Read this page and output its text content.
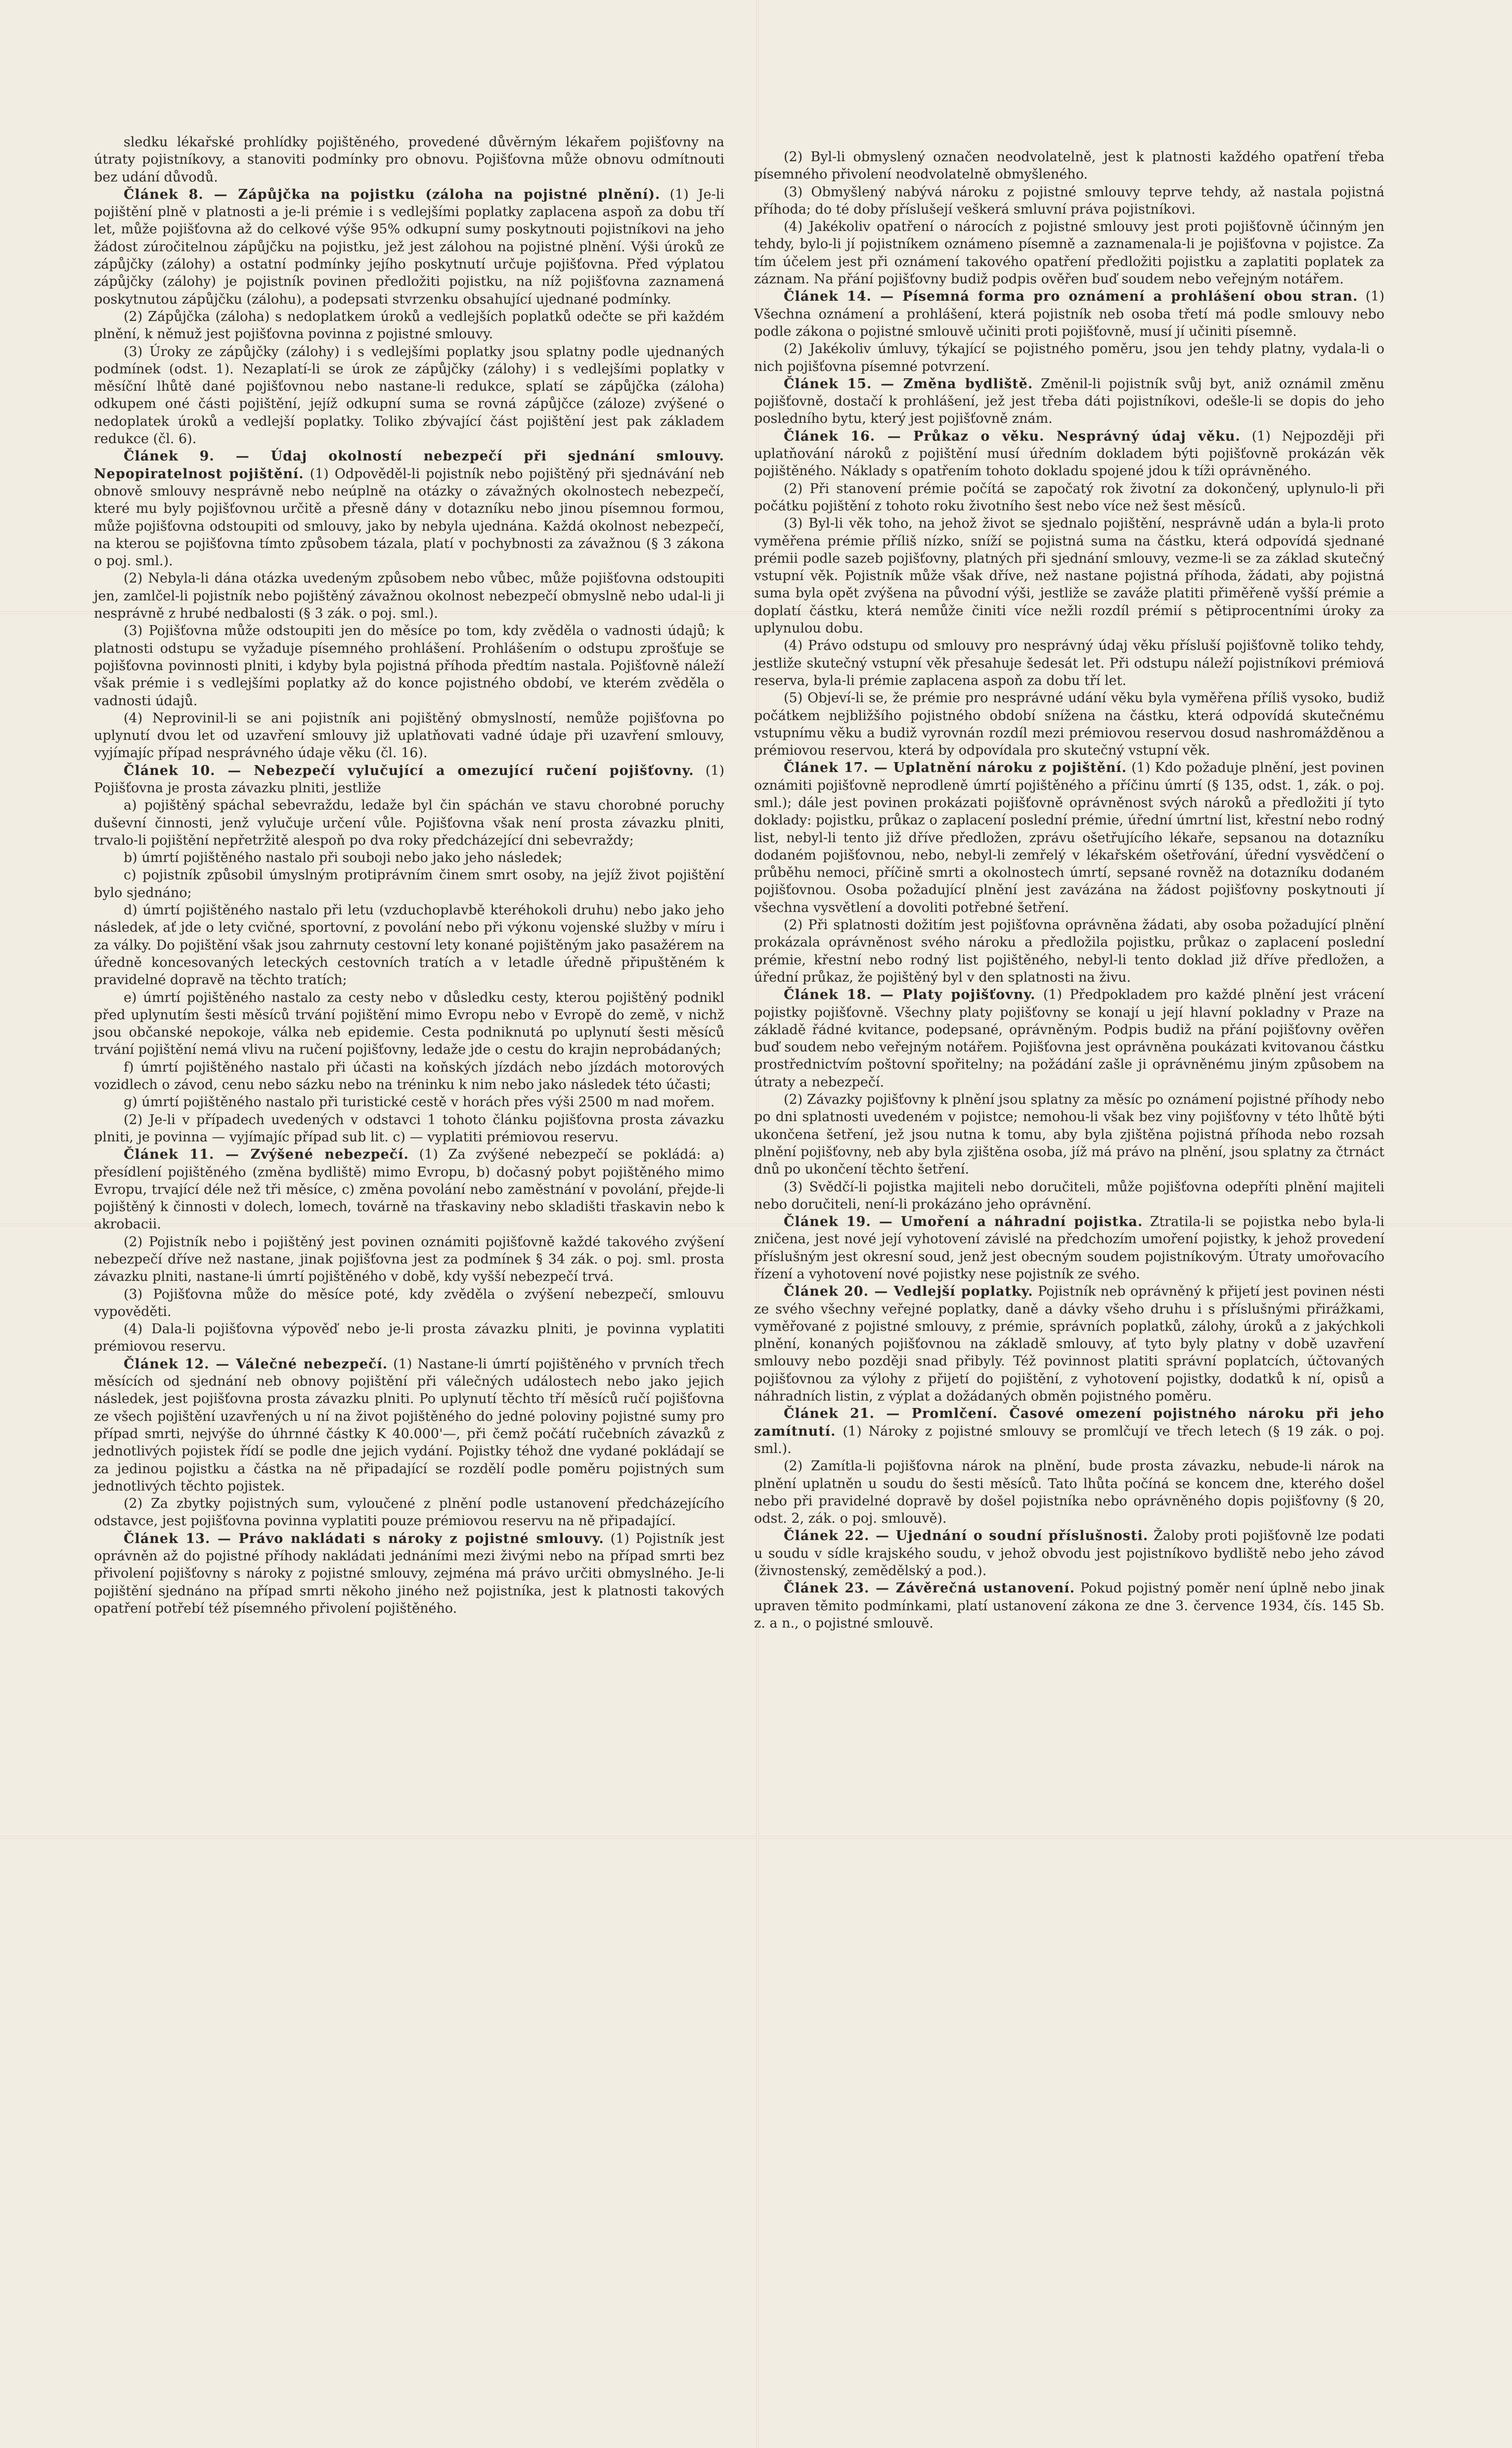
sledku lékařské prohlídky pojištěného, provedené důvěrným lékařem pojišťovny na útraty pojistníkovy, a stanoviti podmínky pro obnovu. Pojišťovna může obnovu odmítnouti bez udání důvodů.

Článek 8. — Zápůjčka na pojistku (záloha na pojistné plnění). (1) Je-li pojištění plně v platnosti a je-li prémie i s vedlejšími poplatky zaplacena aspoň za dobu tří let, může pojišťovna až do celkové výše 95% odkupní sumy poskytnouti pojistníkovi na jeho žádost zúročitelnou zápůjčku na pojistku, jež jest zálohou na pojistné plnění. Výši úroků ze zápůjčky (zálohy) a ostatní podmínky jejího poskytnutí určuje pojišťovna. Před výplatou zápůjčky (zálohy) je pojistník povinen předložiti pojistku, na níž pojišťovna zaznamená poskytnutou zápůjčku (zálohu), a podepsati stvrzenku obsahující ujednané podmínky.

(2) Zápůjčka (záloha) s nedoplatkem úroků a vedlejších poplatků odečte se při každém plnění, k němuž jest pojišťovna povinna z pojistné smlouvy.

(3) Úroky ze zápůjčky (zálohy) i s vedlejšími poplatky jsou splatny podle ujednaných podmínek (odst. 1). Nezaplatí-li se úrok ze zápůjčky (zálohy) i s vedlejšími poplatky v měsíční lhůtě dané pojišťovnou nebo nastane-li redukce, splatí se zápůjčka (záloha) odkupem oné části pojištění, jejíž odkupní suma se rovná zápůjčce (záloze) zvýšené o nedoplatek úroků a vedlejší poplatky. Toliko zbývající část pojištění jest pak základem redukce (čl. 6).

Článek 9. — Údaj okolností nebezpečí při sjednání smlouvy. Nepopiratelnost pojištění. (1) Odpověděl-li pojistník nebo pojištěný při sjednávání neb obnově smlouvy nesprávně nebo neúplně na otázky o závažných okolnostech nebezpečí, které mu byly pojišťovnou určitě a přesně dány v dotazníku nebo jinou písemnou formou, může pojišťovna odstoupiti od smlouvy, jako by nebyla ujednána. Každá okolnost nebezpečí, na kterou se pojišťovna tímto způsobem tázala, platí v pochybnosti za závažnou (§ 3 zákona o poj. sml.).

(2) Nebyla-li dána otázka uvedeným způsobem nebo vůbec, může pojišťovna odstoupiti jen, zamlčel-li pojistník nebo pojištěný závažnou okolnost nebezpečí obmyslně nebo udal-li ji nesprávně z hrubé nedbalosti (§ 3 zák. o poj. sml.).

(3) Pojišťovna může odstoupiti jen do měsíce po tom, kdy zvěděla o vadnosti údajů; k platnosti odstupu se vyžaduje písemného prohlášení. Prohlášením o odstupu zprošťuje se pojišťovna povinnosti plniti, i kdyby byla pojistná příhoda předtím nastala. Pojišťovně náleží však prémie i s vedlejšími poplatky až do konce pojistného období, ve kterém zvěděla o vadnosti údajů.

(4) Neprovinil-li se ani pojistník ani pojištěný obmyslností, nemůže pojišťovna po uplynutí dvou let od uzavření smlouvy již uplatňovati vadné údaje při uzavření smlouvy, vyjímajíc případ nesprávného údaje věku (čl. 16).

Článek 10. — Nebezpečí vylučující a omezující ručení pojišťovny. (1) Pojišťovna je prosta závazku plniti, jestliže

a) pojištěný spáchal sebevraždu, ledaže byl čin spáchán ve stavu chorobné poruchy duševní činnosti, jenž vylučuje určení vůle. Pojišťovna však není prosta závazku plniti, trvalo-li pojištění nepřetržitě alespoň po dva roky předcházející dni sebevraždy;

b) úmrtí pojištěného nastalo při souboji nebo jako jeho následek;

c) pojistník způsobil úmyslným protiprávním činem smrt osoby, na jejíž život pojištění bylo sjednáno;

d) úmrtí pojištěného nastalo při letu (vzduchoplavbě kteréhokoli druhu) nebo jako jeho následek, ať jde o lety cvičné, sportovní, z povolání nebo při výkonu vojenské služby v míru i za války. Do pojištění však jsou zahrnuty cestovní lety konané pojištěným jako pasažérem na úředně koncesovaných leteckých cestovních tratích a v letadle úředně připuštěném k pravidelné dopravě na těchto tratích;

e) úmrtí pojištěného nastalo za cesty nebo v důsledku cesty, kterou pojištěný podnikl před uplynutím šesti měsíců trvání pojištění mimo Evropu nebo v Evropě do země, v nichž jsou občanské nepokoje, válka neb epidemie. Cesta podniknutá po uplynutí šesti měsíců trvání pojištění nemá vlivu na ručení pojišťovny, ledaže jde o cestu do krajin neprobádaných;

f) úmrtí pojištěného nastalo při účasti na koňských jízdách nebo jízdách motorových vozidlech o závod, cenu nebo sázku nebo na tréninku k nim nebo jako následek této účasti;

g) úmrtí pojištěného nastalo při turistické cestě v horách přes výši 2500 m nad mořem.

(2) Je-li v případech uvedených v odstavci 1 tohoto článku pojišťovna prosta závazku plniti, je povinna — vyjímajíc případ sub lit. c) — vyplatiti prémiovou reservu.

Článek 11. — Zvýšené nebezpečí. (1) Za zvýšené nebezpečí se pokládá: a) přesídlení pojištěného (změna bydliště) mimo Evropu, b) dočasný pobyt pojištěného mimo Evropu, trvající déle než tři měsíce, c) změna povolání nebo zaměstnání v povolání, přejde-li pojištěný k činnosti v dolech, lomech, továrně na třaskaviny nebo skladišti třaskavin nebo k akrobacii.

(2) Pojistník nebo i pojištěný jest povinen oznámiti pojišťovně každé takového zvýšení nebezpečí dříve než nastane, jinak pojišťovna jest za podmínek § 34 zák. o poj. sml. prosta závazku plniti, nastane-li úmrtí pojištěného v době, kdy vyšší nebezpečí trvá.

(3) Pojišťovna může do měsíce poté, kdy zvěděla o zvýšení nebezpečí, smlouvu vypověděti.

(4) Dala-li pojišťovna výpověď nebo je-li prosta závazku plniti, je povinna vyplatiti prémiovou reservu.

Článek 12. — Válečné nebezpečí. (1) Nastane-li úmrtí pojištěného v prvních třech měsících od sjednání neb obnovy pojištění při válečných událostech nebo jako jejich následek, jest pojišťovna prosta závazku plniti. Po uplynutí těchto tří měsíců ručí pojišťovna ze všech pojištění uzavřených u ní na život pojištěného do jedné poloviny pojistné sumy pro případ smrti, nejvýše do úhrnné částky K 40.000'—, při čemž počátí ručebních závazků z jednotlivých pojistek řídí se podle dne jejich vydání. Pojistky téhož dne vydané pokládají se za jedinou pojistku a částka na ně připadající se rozdělí podle poměru pojistných sum jednotlivých těchto pojistek.

(2) Za zbytky pojistných sum, vyloučené z plnění podle ustanovení předcházejícího odstavce, jest pojišťovna povinna vyplatiti pouze prémiovou reservu na ně připadající.

Článek 13. — Právo nakládati s nároky z pojistné smlouvy. (1) Pojistník jest oprávněn až do pojistné příhody nakládati jednáními mezi živými nebo na případ smrti bez přivolení pojišťovny s nároky z pojistné smlouvy, zejména má právo určiti obmyslného. Je-li pojištění sjednáno na případ smrti někoho jiného než pojistníka, jest k platnosti takových opatření potřebí též písemného přivolení pojištěného.

(2) Byl-li obmyslený označen neodvolatelně, jest k platnosti každého opatření třeba písemného přivolení neodvolatelně obmyšleného.

(3) Obmyšlený nabývá nároku z pojistné smlouvy teprve tehdy, až nastala pojistná příhoda; do té doby příslušejí veškerá smluvní práva pojistníkovi.

(4) Jakékoliv opatření o nárocích z pojistné smlouvy jest proti pojišťovně účinným jen tehdy, bylo-li jí pojistníkem oznámeno písemně a zaznamenala-li je pojišťovna v pojistce. Za tím účelem jest při oznámení takového opatření předložiti pojistku a zaplatiti poplatek za záznam. Na přání pojišťovny budiž podpis ověřen buď soudem nebo veřejným notářem.

Článek 14. — Písemná forma pro oznámení a prohlášení obou stran. (1) Všechna oznámení a prohlášení, která pojistník neb osoba třetí má podle smlouvy nebo podle zákona o pojistné smlouvě učiniti proti pojišťovně, musí jí učiniti písemně.

(2) Jakékoliv úmluvy, týkající se pojistného poměru, jsou jen tehdy platny, vydala-li o nich pojišťovna písemné potvrzení.

Článek 15. — Změna bydliště. Změnil-li pojistník svůj byt, aniž oznámil změnu pojišťovně, dostačí k prohlášení, jež jest třeba dáti pojistníkovi, odešle-li se dopis do jeho posledního bytu, který jest pojišťovně znám.

Článek 16. — Průkaz o věku. Nesprávný údaj věku. (1) Nejpozději při uplatňování nároků z pojištění musí úředním dokladem býti pojišťovně prokázán věk pojištěného. Náklady s opatřením tohoto dokladu spojené jdou k tíži oprávněného.

(2) Při stanovení prémie počítá se započatý rok životní za dokončený, uplynulo-li při počátku pojištění z tohoto roku životního šest nebo více než šest měsíců.

(3) Byl-li věk toho, na jehož život se sjednalo pojištění, nesprávně udán a byla-li proto vyměřena prémie příliš nízko, sníží se pojistná suma na částku, která odpovídá sjednané prémii podle sazeb pojišťovny, platných při sjednání smlouvy, vezme-li se za základ skutečný vstupní věk. Pojistník může však dříve, než nastane pojistná příhoda, žádati, aby pojistná suma byla opět zvýšena na původní výši, jestliže se zaváže platiti přiměřeně vyšší prémie a doplatí částku, která nemůže činiti více nežli rozdíl prémií s pětiprocentními úroky za uplynulou dobu.

(4) Právo odstupu od smlouvy pro nesprávný údaj věku přísluší pojišťovně toliko tehdy, jestliže skutečný vstupní věk přesahuje šedesát let. Při odstupu náleží pojistníkovi prémiová reserva, byla-li prémie zaplacena aspoň za dobu tří let.

(5) Objeví-li se, že prémie pro nesprávné udání věku byla vyměřena příliš vysoko, budiž počátkem nejbližšího pojistného období snížena na částku, která odpovídá skutečnému vstupnímu věku a budiž vyrovnán rozdíl mezi prémiovou reservou dosud nashromážděnou a prémiovou reservou, která by odpovídala pro skutečný vstupní věk.

Článek 17. — Uplatnění nároku z pojištění. (1) Kdo požaduje plnění, jest povinen oznámiti pojišťovně neprodleně úmrtí pojištěného a příčinu úmrtí (§ 135, odst. 1, zák. o poj. sml.); dále jest povinen prokázati pojišťovně oprávněnost svých nároků a předložiti jí tyto doklady: pojistku, průkaz o zaplacení poslední prémie, úřední úmrtní list, křestní nebo rodný list, nebyl-li tento již dříve předložen, zprávu ošetřujícího lékaře, sepsanou na dotazníku dodaném pojišťovnou, nebo, nebyl-li zemřelý v lékařském ošetřování, úřední vysvědčení o průběhu nemoci, příčině smrti a okolnostech úmrtí, sepsané rovněž na dotazníku dodaném pojišťovnou. Osoba požadující plnění jest zavázána na žádost pojišťovny poskytnouti jí všechna vysvětlení a dovoliti potřebné šetření.

(2) Při splatnosti dožitím jest pojišťovna oprávněna žádati, aby osoba požadující plnění prokázala oprávněnost svého nároku a předložila pojistku, průkaz o zaplacení poslední prémie, křestní nebo rodný list pojištěného, nebyl-li tento doklad již dříve předložen, a úřední průkaz, že pojištěný byl v den splatnosti na živu.

Článek 18. — Platy pojišťovny. (1) Předpokladem pro každé plnění jest vrácení pojistky pojišťovně. Všechny platy pojišťovny se konají u její hlavní pokladny v Praze na základě řádné kvitance, podepsané, oprávněným. Podpis budiž na přání pojišťovny ověřen buď soudem nebo veřejným notářem. Pojišťovna jest oprávněna poukázati kvitovanou částku prostřednictvím poštovní spořitelny; na požádání zašle ji oprávněnému jiným způsobem na útraty a nebezpečí.

(2) Závazky pojišťovny k plnění jsou splatny za měsíc po oznámení pojistné příhody nebo po dni splatnosti uvedeném v pojistce; nemohou-li však bez viny pojišťovny v této lhůtě býti ukončena šetření, jež jsou nutna k tomu, aby byla zjištěna pojistná příhoda nebo rozsah plnění pojišťovny, neb aby byla zjištěna osoba, jíž má právo na plnění, jsou splatny za čtrnáct dnů po ukončení těchto šetření.

(3) Svědčí-li pojistka majiteli nebo doručiteli, může pojišťovna odepříti plnění majiteli nebo doručiteli, není-li prokázáno jeho oprávnění.

Článek 19. — Umoření a náhradní pojistka. Ztratila-li se pojistka nebo byla-li zničena, jest nové její vyhotovení závislé na předchozím umoření pojistky, k jehož provedení příslušným jest okresní soud, jenž jest obecným soudem pojistníkovým. Útraty umořovacího řízení a vyhotovení nové pojistky nese pojistník ze svého.

Článek 20. — Vedlejší poplatky. Pojistník neb oprávněný k přijetí jest povinen nésti ze svého všechny veřejné poplatky, daně a dávky všeho druhu i s příslušnými přirážkami, vyměřované z pojistné smlouvy, z prémie, správních poplatků, zálohy, úroků a z jakýchkoli plnění, konaných pojišťovnou na základě smlouvy, ať tyto byly platny v době uzavření smlouvy nebo později snad přibyly. Též povinnost platiti správní poplatcích, účtovaných pojišťovnou za výlohy z přijetí do pojištění, z vyhotovení pojistky, dodatků k ní, opisů a náhradních listin, z výplat a dožádaných obměn pojistného poměru.

Článek 21. — Promlčení. Časové omezení pojistného nároku při jeho zamítnutí. (1) Nároky z pojistné smlouvy se promlčují ve třech letech (§ 19 zák. o poj. sml.).

(2) Zamítla-li pojišťovna nárok na plnění, bude prosta závazku, nebude-li nárok na plnění uplatněn u soudu do šesti měsíců. Tato lhůta počíná se koncem dne, kterého došel nebo při pravidelné dopravě by došel pojistníka nebo oprávněného dopis pojišťovny (§ 20, odst. 2, zák. o poj. smlouvě).

Článek 22. — Ujednání o soudní příslušnosti. Žaloby proti pojišťovně lze podati u soudu v sídle krajského soudu, v jehož obvodu jest pojistníkovo bydliště nebo jeho závod (živnostenský, zemědělský a pod.).

Článek 23. — Závěrečná ustanovení. Pokud pojistný poměr není úplně nebo jinak upraven těmito podmínkami, platí ustanovení zákona ze dne 3. července 1934, čís. 145 Sb. z. a n., o pojistné smlouvě.
